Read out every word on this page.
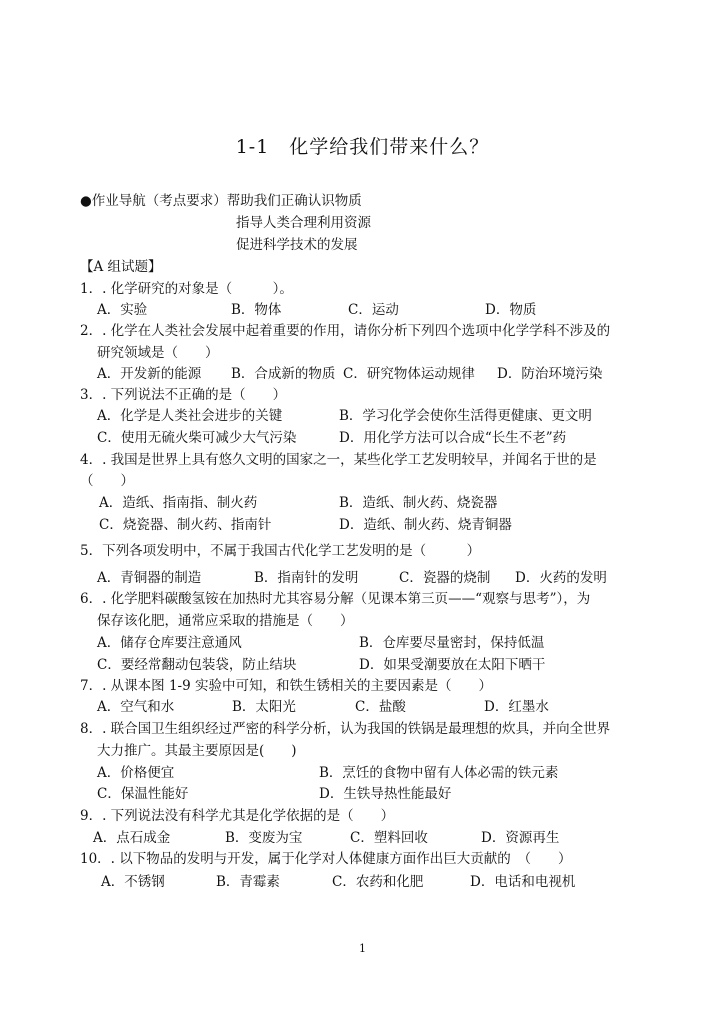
1-1　化学给我们带来什么？
●作业导航（考点要求）帮助我们正确认识物质
指导人类合理利用资源
促进科学技术的发展
【A 组试题】
1．. 化学研究的对象是（　　　）。
A．实验	B．物体	C．运动	D．物质
2．. 化学在人类社会发展中起着重要的作用，请你分析下列四个选项中化学学科不涉及的
研究领域是（　　）
A．开发新的能源 B．合成新的物质 C．研究物体运动规律 D．防治环境污染
3．. 下列说法不正确的是（　　）
A．化学是人类社会进步的关键	B．学习化学会使你生活得更健康、更文明
C．使用无硫火柴可减少大气污染	D．用化学方法可以合成“长生不老”药
4．. 我国是世界上具有悠久文明的国家之一，某些化学工艺发明较早，并闻名于世的是
（　　）
A．造纸、指南指、制火药	B．造纸、制火药、烧瓷器
C．烧瓷器、制火药、指南针	D．造纸、制火药、烧青铜器
5．下列各项发明中，不属于我国古代化学工艺发明的是（　　　）
A．青铜器的制造	B．指南针的发明	C．瓷器的烧制 D．火药的发明
6．. 化学肥料碳酸氢铵在加热时尤其容易分解（见课本第三页——“观察与思考”），为
保存该化肥，通常应采取的措施是（　　）
A．储存仓库要注意通风	B．仓库要尽量密封，保持低温
C．要经常翻动包装袋，防止结块	D．如果受潮要放在太阳下晒干
7．. 从课本图 1-9 实验中可知，和铁生锈相关的主要因素是（　　）
A．空气和水	B．太阳光	C．盐酸	D．红墨水
8．. 联合国卫生组织经过严密的科学分析，认为我国的铁锅是最理想的炊具，并向全世界
大力推广。其最主要原因是(　　)
A．价格便宜	B．烹饪的食物中留有人体必需的铁元素
C．保温性能好	D．生铁导热性能最好
9．. 下列说法没有科学尤其是化学依据的是（　　）
A．点石成金	B．变废为宝	C．塑料回收	D．资源再生
10．. 以下物品的发明与开发，属于化学对人体健康方面作出巨大贡献的　（　　）
A．不锈钢	B．青霉素	C．农药和化肥	D．电话和电视机
1
